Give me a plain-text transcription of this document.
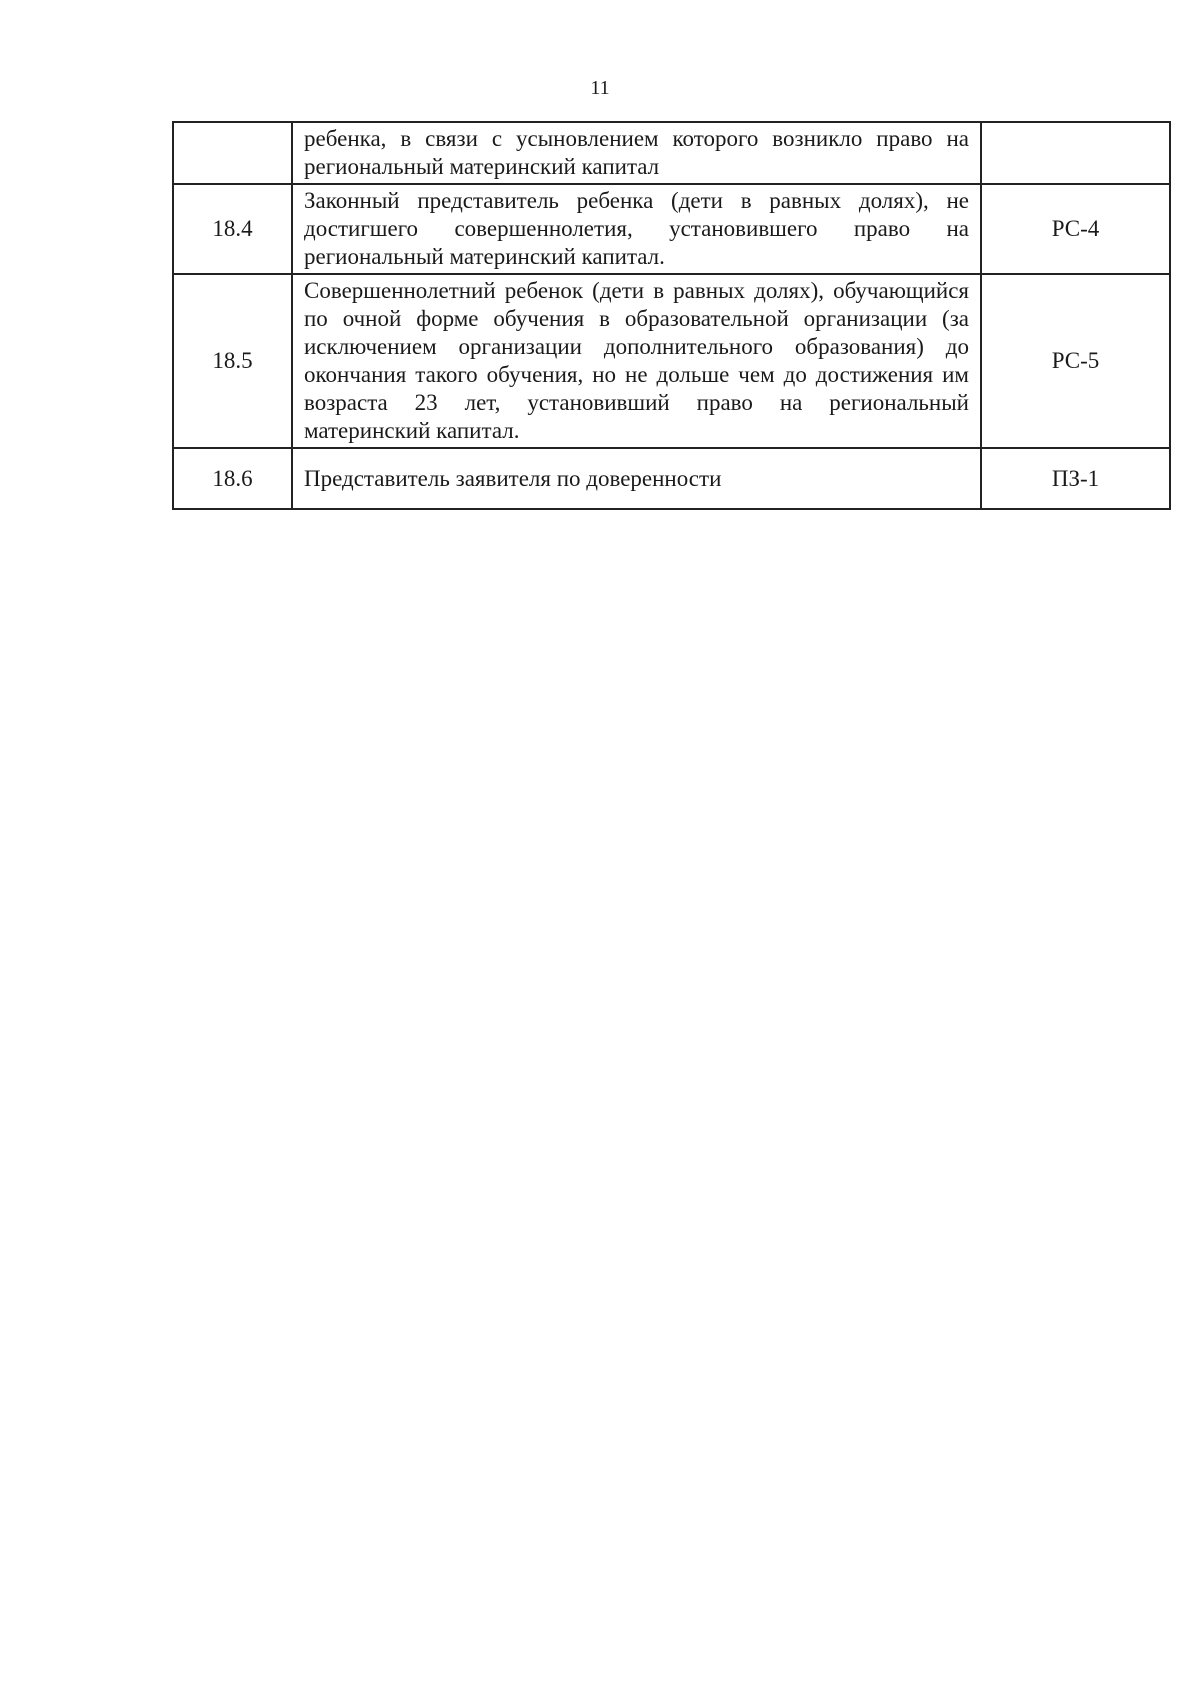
11
	ребенка, в связи с усыновлением которого возникло право на региональный материнский капитал	
18.4	Законный представитель ребенка (дети в равных долях), не достигшего совершеннолетия, установившего право на региональный материнский капитал.	РС-4
18.5	Совершеннолетний ребенок (дети в равных долях), обучающийся по очной форме обучения в образовательной организации (за исключением организации дополнительного образования) до окончания такого обучения, но не дольше чем до достижения им возраста 23 лет, установивший право на региональный материнский капитал.	РС-5
18.6	Представитель заявителя по доверенности	ПЗ-1
